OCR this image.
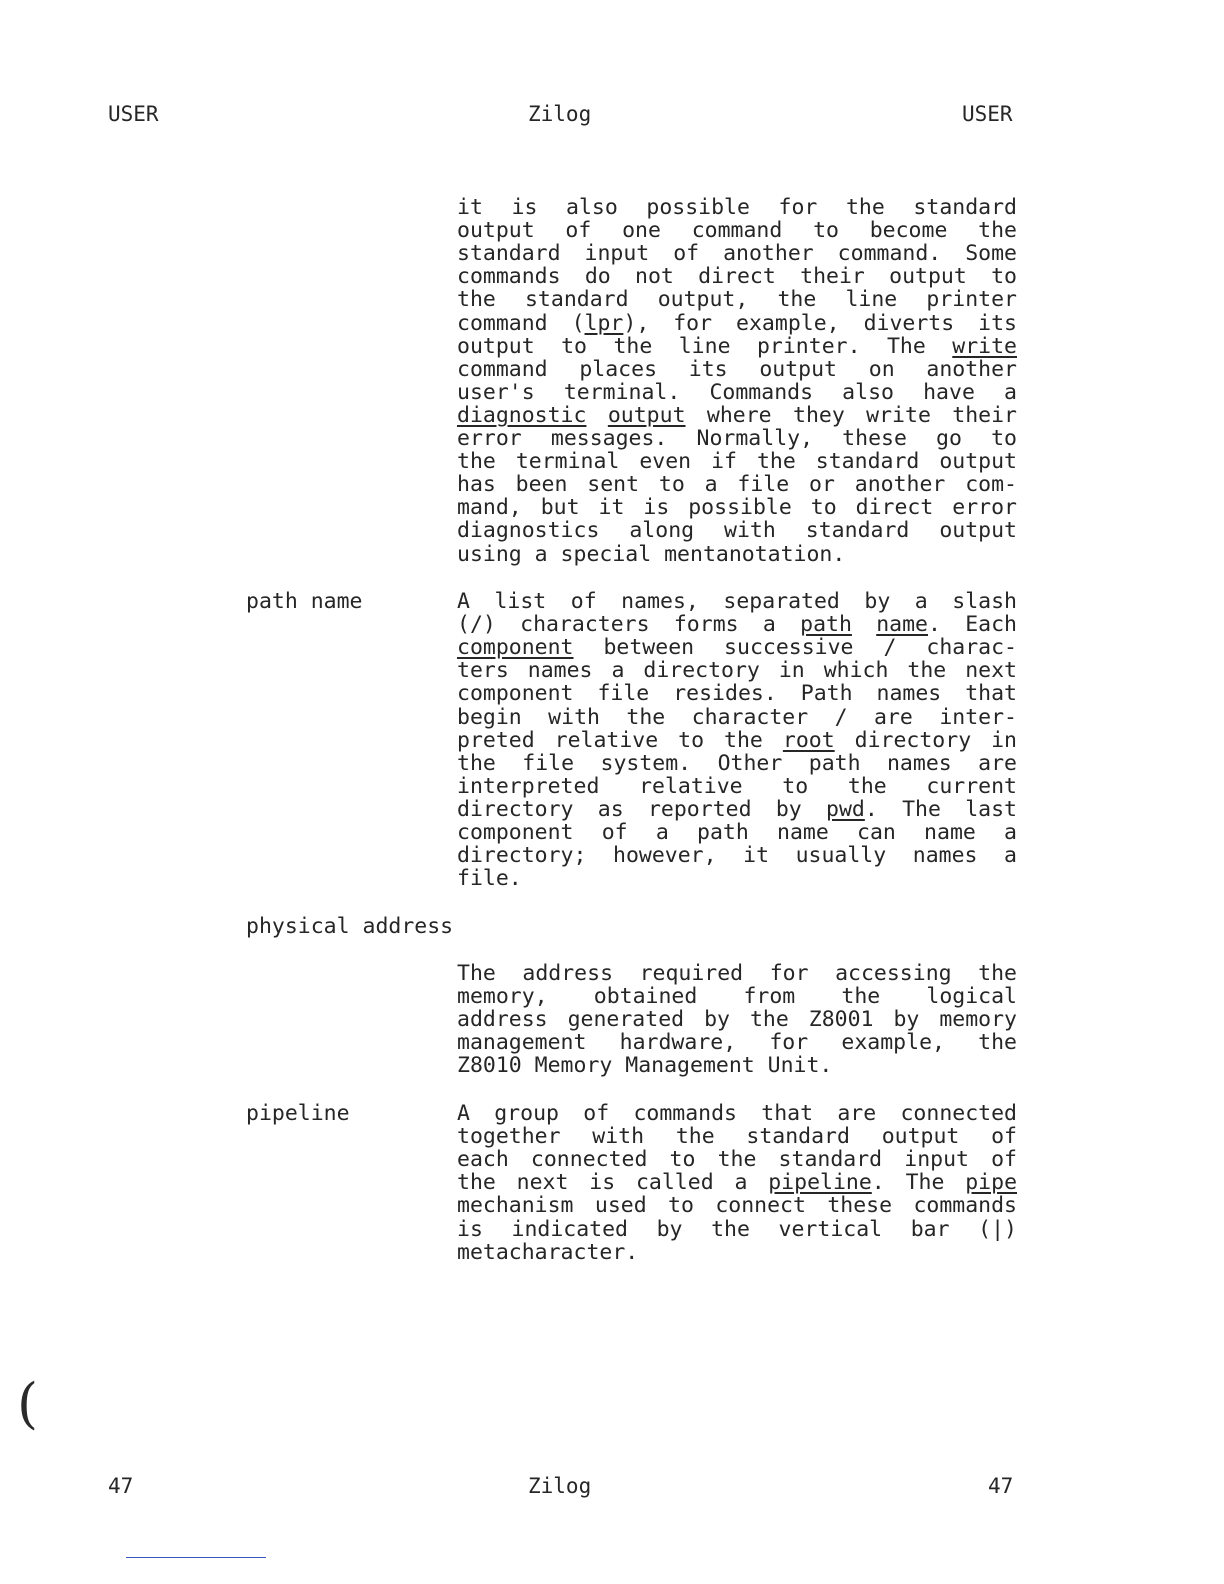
USER	Zilog	USER
it is also possible for the standard
output of one command to become the
standard input of another command. Some
commands do not direct their output to
the standard output, the line printer
command (lpr), for example, diverts its
output to the line printer. The write
command places its output on another
user's terminal. Commands also have a
diagnostic output where they write their
error messages. Normally, these go to
the terminal even if the standard output
has been sent to a file or another com-
mand, but it is possible to direct error
diagnostics along with standard output
using a special mentanotation.
path name	A list of names, separated by a slash
(/) characters forms a path name. Each
component between successive / charac-
ters names a directory in which the next
component file resides. Path names that
begin with the character / are inter-
preted relative to the root directory in
the file system. Other path names are
interpreted relative to the current
directory as reported by pwd. The last
component of a path name can name a
directory; however, it usually names a
file.
physical address
The address required for accessing the
memory, obtained from the logical
address generated by the Z8001 by memory
management hardware, for example, the
Z8010 Memory Management Unit.
pipeline	A group of commands that are connected
together with the standard output of
each connected to the standard input of
the next is called a pipeline. The pipe
mechanism used to connect these commands
is indicated by the vertical bar (|)
metacharacter.
(
47	Zilog	47
